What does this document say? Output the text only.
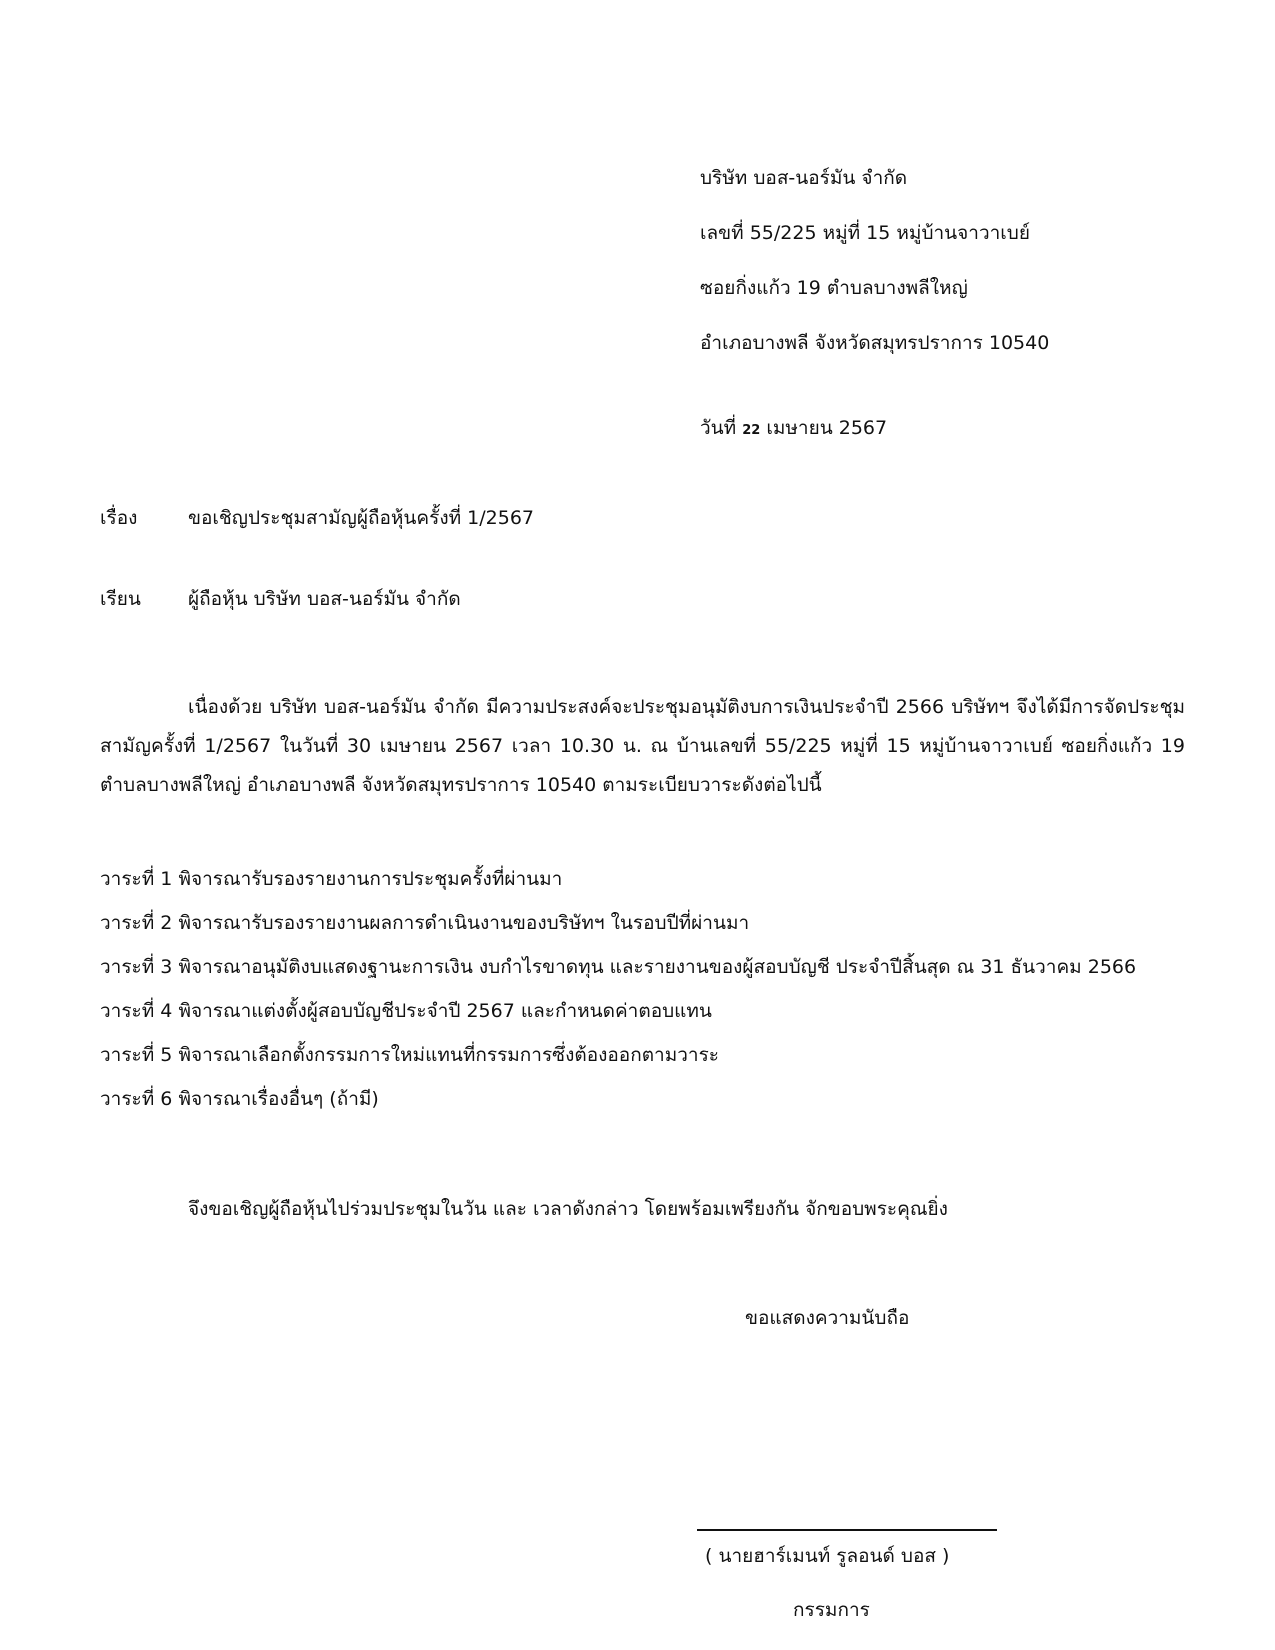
บริษัท บอส-นอร์มัน จำกัด
เลขที่ 55/225 หมู่ที่ 15 หมู่บ้านจาวาเบย์
ซอยกิ่งแก้ว 19 ตำบลบางพลีใหญ่
อำเภอบางพลี จังหวัดสมุทรปราการ 10540
วันที่ 22 เมษายน 2567
เรื่อง	ขอเชิญประชุมสามัญผู้ถือหุ้นครั้งที่ 1/2567
เรียน ผู้ถือหุ้น บริษัท บอส-นอร์มัน จำกัด
เนื่องด้วย บริษัท บอส-นอร์มัน จำกัด มีความประสงค์จะประชุมอนุมัติงบการเงินประจำปี 2566 บริษัทฯ จึงได้มีการจัดประชุมสามัญครั้งที่ 1/2567 ในวันที่ 30 เมษายน 2567 เวลา 10.30 น. ณ บ้านเลขที่ 55/225 หมู่ที่ 15 หมู่บ้านจาวาเบย์ ซอยกิ่งแก้ว 19 ตำบลบางพลีใหญ่ อำเภอบางพลี จังหวัดสมุทรปราการ 10540 ตามระเบียบวาระดังต่อไปนี้
วาระที่ 1 พิจารณารับรองรายงานการประชุมครั้งที่ผ่านมา
วาระที่ 2 พิจารณารับรองรายงานผลการดำเนินงานของบริษัทฯ ในรอบปีที่ผ่านมา
วาระที่ 3 พิจารณาอนุมัติงบแสดงฐานะการเงิน งบกำไรขาดทุน และรายงานของผู้สอบบัญชี ประจำปีสิ้นสุด ณ 31 ธันวาคม 2566
วาระที่ 4 พิจารณาแต่งตั้งผู้สอบบัญชีประจำปี 2567 และกำหนดค่าตอบแทน
วาระที่ 5 พิจารณาเลือกตั้งกรรมการใหม่แทนที่กรรมการซึ่งต้องออกตามวาระ
วาระที่ 6 พิจารณาเรื่องอื่นๆ (ถ้ามี)
จึงขอเชิญผู้ถือหุ้นไปร่วมประชุมในวัน และ เวลาดังกล่าว โดยพร้อมเพรียงกัน จักขอบพระคุณยิ่ง
ขอแสดงความนับถือ
( นายฮาร์เมนท์ รูลอนด์ บอส )
กรรมการ
